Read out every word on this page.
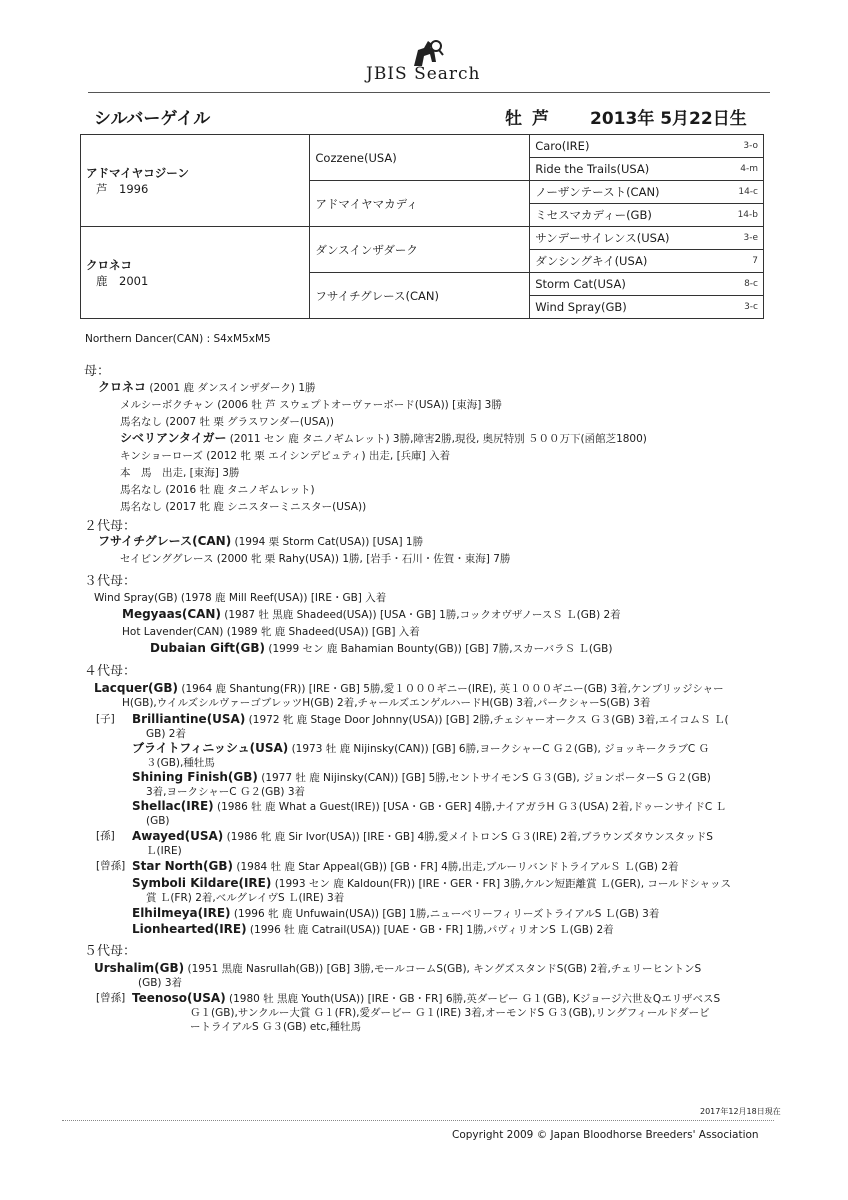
JBIS Search
シルバーゲイル	牡芦 2013年 5月22日生
アドマイヤコジーン
芦　1996	Cozzene(USA)	Caro(IRE)	3-o
		Ride the Trails(USA)	4-m
	アドマイヤマカディ	ノーザンテースト(CAN)	14-c
		ミセスマカディー(GB)	14-b
クロネコ
鹿　2001	ダンスインザダーク	サンデーサイレンス(USA)	3-e
		ダンシングキイ(USA)	7
	フサイチグレース(CAN)	Storm Cat(USA)	8-c
		Wind Spray(GB)	3-c
Northern Dancer(CAN) : S4xM5xM5
母：
２代母：
３代母：
４代母：
５代母：
クロネコ (2001 鹿 ダンスインザダーク) 1勝
メルシーボクチャン (2006 牡 芦 スウェプトオーヴァーボード(USA)) [東海] 3勝
馬名なし (2007 牡 栗 グラスワンダー(USA))
シベリアンタイガー (2011 セン 鹿 タニノギムレット) 3勝,障害2勝,現役, 奥尻特別 ５００万下(函館芝1800)
キンショーローズ (2012 牝 栗 エイシンデピュティ) 出走, [兵庫] 入着
本　馬　出走, [東海] 3勝
馬名なし (2016 牡 鹿 タニノギムレット)
馬名なし (2017 牝 鹿 シニスターミニスター(USA))
フサイチグレース(CAN) (1994 栗 Storm Cat(USA)) [USA] 1勝
セイビンググレース (2000 牝 栗 Rahy(USA)) 1勝, [岩手・石川・佐賀・東海] 7勝
Wind Spray(GB) (1978 鹿 Mill Reef(USA)) [IRE・GB] 入着
Megyaas(CAN) (1987 牡 黒鹿 Shadeed(USA)) [USA・GB] 1勝,コックオヴザノースＳ Ｌ(GB) 2着
Hot Lavender(CAN) (1989 牝 鹿 Shadeed(USA)) [GB] 入着
Dubaian Gift(GB) (1999 セン 鹿 Bahamian Bounty(GB)) [GB] 7勝,スカーバラＳ Ｌ(GB)
Lacquer(GB) (1964 鹿 Shantung(FR)) [IRE・GB] 5勝,愛１０００ギニー(IRE), 英１０００ギニー(GB) 3着,ケンブリッジシャー
H(GB),ウイルズシルヴァーゴブレッツH(GB) 2着,チャールズエンゲルハードH(GB) 3着,パークシャーS(GB) 3着
[子] Brilliantine(USA) (1972 牝 鹿 Stage Door Johnny(USA)) [GB] 2勝,チェシャーオークス Ｇ３(GB) 3着,エイコムＳ Ｌ(
GB) 2着
ブライトフィニッシュ(USA) (1973 牡 鹿 Nijinsky(CAN)) [GB] 6勝,ヨークシャーC Ｇ２(GB), ジョッキークラブC Ｇ
３(GB),種牡馬
Shining Finish(GB) (1977 牡 鹿 Nijinsky(CAN)) [GB] 5勝,セントサイモンS Ｇ３(GB), ジョンポーターS Ｇ２(GB)
3着,ヨークシャーC Ｇ２(GB) 3着
Shellac(IRE) (1986 牡 鹿 What a Guest(IRE)) [USA・GB・GER] 4勝,ナイアガラH Ｇ３(USA) 2着,ドゥーンサイドC Ｌ
(GB)
[孫] Awayed(USA) (1986 牝 鹿 Sir Ivor(USA)) [IRE・GB] 4勝,愛メイトロンS Ｇ３(IRE) 2着,ブラウンズタウンスタッドS
Ｌ(IRE)
[曾孫] Star North(GB) (1984 牡 鹿 Star Appeal(GB)) [GB・FR] 4勝,出走,ブルーリバンドトライアルＳ Ｌ(GB) 2着
Symboli Kildare(IRE) (1993 セン 鹿 Kaldoun(FR)) [IRE・GER・FR] 3勝,ケルン短距離賞 Ｌ(GER), コールドシャッス
賞 Ｌ(FR) 2着,ベルグレイヴS Ｌ(IRE) 3着
Elhilmeya(IRE) (1996 牝 鹿 Unfuwain(USA)) [GB] 1勝,ニューベリーフィリーズトライアルS Ｌ(GB) 3着
Lionhearted(IRE) (1996 牡 鹿 Catrail(USA)) [UAE・GB・FR] 1勝,パヴィリオンS Ｌ(GB) 2着
Urshalim(GB) (1951 黒鹿 Nasrullah(GB)) [GB] 3勝,モールコームS(GB), キングズスタンドS(GB) 2着,チェリーヒントンS
(GB) 3着
[曾孫] Teenoso(USA) (1980 牡 黒鹿 Youth(USA)) [IRE・GB・FR] 6勝,英ダービー Ｇ１(GB), Kジョージ六世＆QエリザベスS
Ｇ１(GB),サンクルー大賞 Ｇ１(FR),愛ダービー Ｇ１(IRE) 3着,オーモンドS Ｇ３(GB),リングフィールドダービ
ートライアルS Ｇ３(GB) etc,種牡馬
2017年12月18日現在
Copyright 2009 © Japan Bloodhorse Breeders' Association
